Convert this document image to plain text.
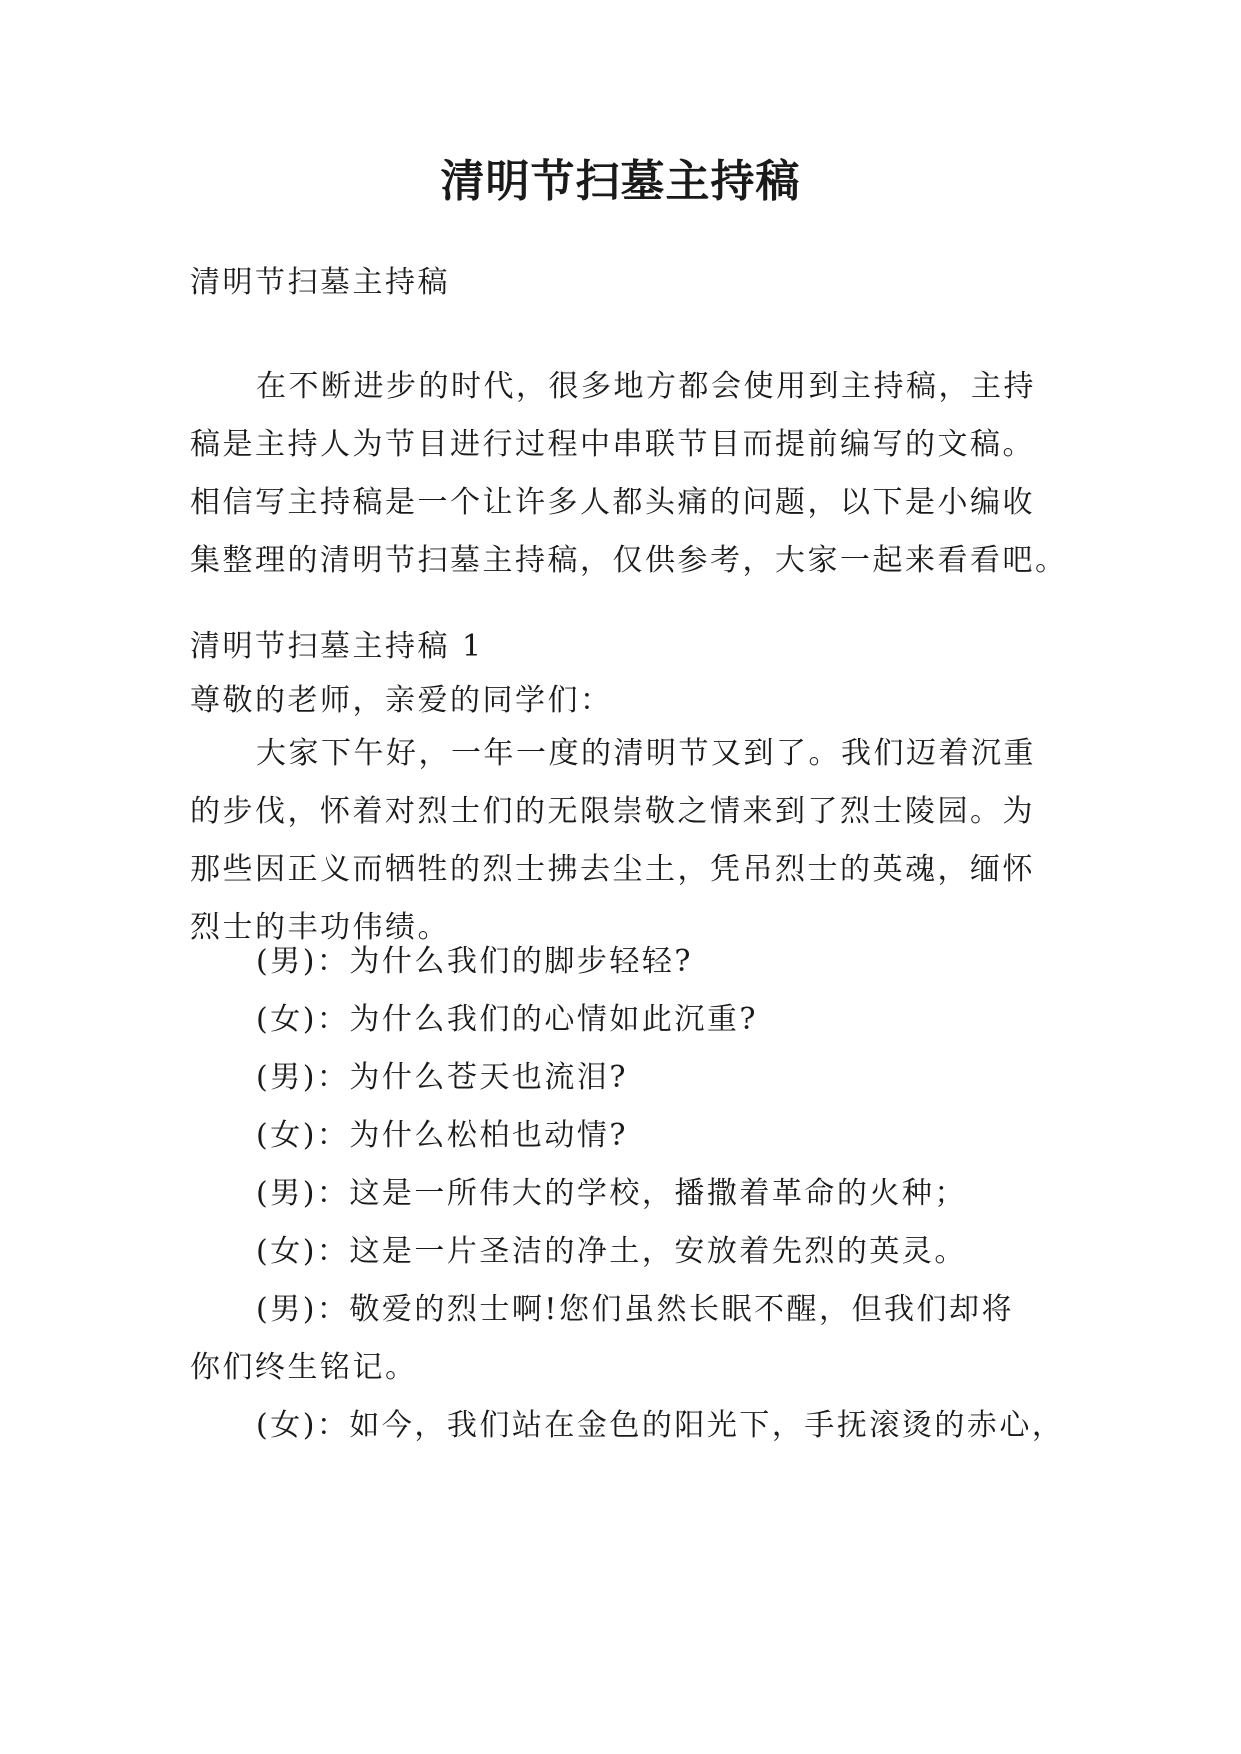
清明节扫墓主持稿

清明节扫墓主持稿

在不断进步的时代，很多地方都会使用到主持稿，主持
稿是主持人为节目进行过程中串联节目而提前编写的文稿。
相信写主持稿是一个让许多人都头痛的问题，以下是小编收
集整理的清明节扫墓主持稿，仅供参考，大家一起来看看吧。

清明节扫墓主持稿 1

尊敬的老师，亲爱的同学们：

大家下午好，一年一度的清明节又到了。我们迈着沉重
的步伐，怀着对烈士们的无限崇敬之情来到了烈士陵园。为
那些因正义而牺牲的烈士拂去尘土，凭吊烈士的英魂，缅怀
烈士的丰功伟绩。

(男)：为什么我们的脚步轻轻?
(女)：为什么我们的心情如此沉重?
(男)：为什么苍天也流泪?
(女)：为什么松柏也动情?
(男)：这是一所伟大的学校，播撒着革命的火种；
(女)：这是一片圣洁的净土，安放着先烈的英灵。
(男)：敬爱的烈士啊!您们虽然长眠不醒，但我们却将
你们终生铭记。
(女)：如今，我们站在金色的阳光下，手抚滚烫的赤心，
